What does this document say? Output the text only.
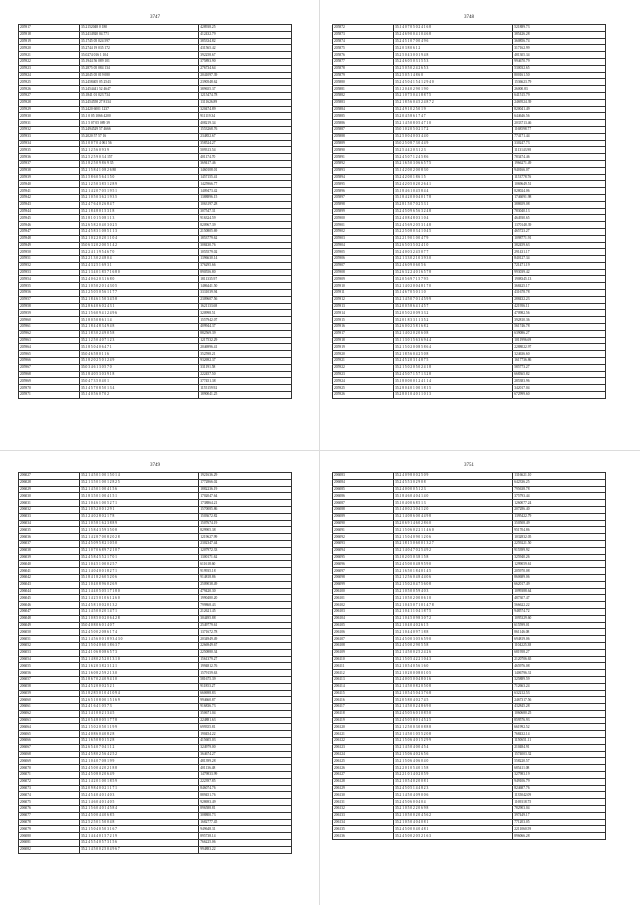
3747
205917	35.2152048 0 180	428938.25
205918	35.2414920 04.771	412432.79
205919	35.1745 05 024 597	385334.82
205920	35.2744 19 035 172	431565.42
205921	35.0274 016 1 104	392258.67
205922	35.1944 56 089 101	375893.90
205923	35.2875 05 084 134	276734.64
205924	35.2045 05 019 080	2041097.39
205925	35.2458405 05 2543	2390548.62
205926	35.2454441 52 4647	389655.37
205927	35.1841 01 023 734	1215474.78
205928	35.2454558 27 8134	1311626.89
205929	35.2420 6001 1237	320474.89
205930	35.1 0 05 1066 4200	911119.34
205931	35.1 5 07 05 089 39	408219.34
205932	35.2494529 57 4666	1553268.76
205933	35.2020 57 57 16	234852.67
205934	35.1 0 0 7 0 4 061 56	358524.27
205935	35.2 1 2 5 6 0 9 3 9	509313.54
205936	35.2 5 2 5 9 0 3 4 157	401174.70
205937	35.1 8 2 5 0 9 8 6 9 35	369417.46
205938	35.2 1 5 8 4 1 0 8 2 6 80	1460108.01
205939	35.1 5 8 6 0 5 6 4 1 5 0	1457155.41
205940	35.2 1 2 5 0 3 8 5 1 2 8 9	1425966.77
205941	35.2 1 4 2 0 7 0 5 1 9 5 1	1409473.42
205942	35.2 1 0 5 0 3 6 2 1 9 3 5	1388896.15
205943	35.2 4 7 6 4 0 2 6 8 4 7	1063197.28
205944	35.2 1 8 4 8 0 1 5 3 1 8	307547.31
205945	35.1 8 1 0 1 5 0 8 1 1 3	916324.59
205946	35.2 6 5 8 2 0 4 0 3 0 2 5	820967.39
205947	35.2 4 5 8 3 1 0 8 5 1 1 3	2150805.69
205948	35.2 1 0 2 2 0 2 0 1 1 0 4	1853779.62
205949	35.0 6 3 2 0 2 0 0 5 1 4 2	308430.76
205950	35.2 2 4 1 1 9 5 4 6 7 0	1055579.02
205951	35.2 2 1 3 0 2 4 8 0 4	1396630.14
205952	35.2 4 3 2 5 1 6 9 3 1	376295.66
205953	35.2 1 3 4 0 1 8 5 7 1 6 8 0	890556.80
205954	35.2 4 0 6 2 0 3 1 6 8 0	1811335.97
205955	35.2 1 0 5 0 2 0 1 4 3 0 5	1486441.50
205956	35.1 2 5 0 5 0 5 6 1 1 7 7	3331039.94
205957	35.2 1 8 4 6 1 5 0 3 4 5 8	2309607.56
205958	35.2 8 6 4 0 6 0 2 4 3 1	1621133.68
205959	35.2 1 5 6 0 9 4 1 2 4 9 6	320998.51
205960	35.1 8 0 5 0 8 6 1 1 4	1557942.07
205961	35.2 1 8 4 4 8 3 4 9 4 8	409944.37
205962	35.2 1 8 3 0 2 4 9 0 5 8	882569.39
205963	35.2 1 2 5 0 4 0 7 1 2 3	1217532.29
205964	35.1 8 5 0 4 0 6 4 7 1	2046996.41
205965	35.0 4 6 5 8 0 1 1 6	352598.21
205966	35.1 8 2 0 2 5 0 1 2 4 9	932692.37
205967	35.0 3 4 6 1 3 0 5 7 0	331191.58
205968	35.1 8 4 0 5 3 0 3 9 1 8	222457.50
205969	35.0 4 7 3 5 0 4 0 1	377451.38
205970	35.1 4 5 7 0 8 5 0 1 3 4	1155159.92
205971	35.1 4 0 5 6 0 7 0 2	1890041.25
3748
205872	35.1 4 0 7 0 5 0 2 4 1 6 8	521889.73
205873	35.2 4 6 9 0 0 4 1 0 4 6 8	385426.28
205874	35.2 4 5 1 0 7 0 0 4 9 6	360856.74
205875	35.2 0 3 8 0 6 1 2	317162.99
205876	35.2 5 0 4 3 0 0 1 9 4 8	481305.34
205877	35.2 4 6 0 5 0 3 1 5 5 3	994670.79
205878	35.2 5 0 5 0 2 4 2 6 5 3	530032.65
205879	35.2 5 0 5 1 4 8 6 0	800161.50
205880	35.2 4 5 0 4 1 5 4 1 2 9 4 0	1536623.79
205881	35.1 2 0 4 0 2 9 0 1 9 0	26000.83
205882	35.2 1 0 7 5 0 4 1 8 8 7 5	641515.79
205883	35.2 1 8 5 6 0 4 5 2 4 8 7 2	2469524.39
205884	35.2 4 9 1 0 2 5 0 1 9	820041.49
205885	35.2 0 4 5 8 6 1 7 4 7	644646.56
205886	35.2 1 4 5 0 8 0 5 4 7 1 0	2033713.46
205887	35.0 1 0 2 0 5 0 2 1 7 2	1168598.77
205888	35.2 5 0 0 4 0 0 3 4 4 0	774171.44
205889	35.0 2 5 0 8 7 3 0 4 4 9	330247.73
205890	35.2 5 4 4 2 0 3 1 2 3	1113143.98
205891	35.2 4 5 0 7 1 2 4 5 8 6	783474.46
205892	35.2 1 6 5 0 3 0 6 6 5 7 5	1966271.49
205893	35.1 4 2 0 0 2 0 0 8 3 0	940166.07
205894	35.2 4 2 0 0 1 8 6 1 5	1153778.76
205895	35.2 4 2 0 5 0 2 0 2 6 4 1	1069649.51
205896	35.1 8 4 6 1 0 4 5 8 4 4	828024.06
205897	35.1 8 4 2 0 0 0 4 0 1 7 8	1746091.98
205898	35.2 8 1 5 0 7 0 2 5 3 1	388659.08
205899	35.2 4 5 0 9 6 5 6 3 2 4 8	783040.13
205900	35.2 4 0 8 4 8 0 3 1 0 4	464930.65
205901	35.2 4 5 6 9 2 0 5 3 1 4 8	1370148.39
205902	35.2 2 5 0 8 0 3 4 1 0 4 5	465723.27
205903	35.2 2 1 9 0 1 0 0 4 7 9	1098771.91
205904	35.2 6 5 0 3 5 0 2 4 1 0	382459.63
205905	35.2 4 0 0 3 2 4 5 0 7 7	291431.17
205906	35.2 1 3 3 0 2 1 0 3 9 3 0	840127.34
205907	35.2 4 6 0 9 0 6 0 5 6	721471.19
205908	35.2 6 3 2 2 4 0 1 6 5 7 8	993039.42
205909	35.2 0 5 6 9 7 1 5 7 9 5	1908345.13
205910	35.2 1 4 0 2 0 0 4 8 1 7 0	368425.17
205911	35.1 4 6 7 0 5 0 1 1 0	431678.78
205912	35.2 1 4 5 0 7 0 1 4 5 9 9	288432.23
205913	35.2 0 0 5 8 6 4 1 4 5 7	421956.11
205914	35.2 0 5 0 2 0 0 9 3 3 2	470982.56
205915	35.2 0 1 8 3 3 1 1 3 5 2	392810.36
205916	35.2 6 0 0 2 5 8 1 6 8 2	561746.78
205917	35.2 1 4 0 2 0 2 0 6 0 8	639086.27
205918	35.1 1 3 0 1 5 6 3 6 9 4 4	1011996.69
205919	35.2 1 5 0 2 0 0 8 5 8 6 4	2288022.97
205920	35.2 1 8 5 6 0 4 2 5 0 8	324636.60
205921	35.2 4 5 2 0 3 1 4 8 7 5	1617736.86
205922	35.2 1 5 0 2 0 5 0 2 4 1 8	585773.27
205923	35.2 4 5 0 7 1 5 7 1 3 2 8	668365.82
205924	35.1 8 0 0 0 0 1 2 4 1 1 4	285383.96
205925	35.2 8 0 4 0 1 0 0 1 8 1 5	342017.04
205926	35.2 8 0 1 0 4 0 1 1 0 1 3	672999.60
3749
206027	35.2 1 4 5 0 1 0 0 1 5 0 1 4	1921636.29
206028	35.2 1 3 5 0 1 0 0 1 2 8 2 5	1772866.02
206029	35.2 1 4 5 0 1 0 0 4 1 5 6	1882236.19
206030	35.1 8 3 5 0 1 0 0 4 1 5 1	1702047.64
206031	35.2 1 0 4 6 1 0 0 5 2 7 1	1738864.21
206032	35.2 1 0 5 2 0 0 1 2 9 1	1570085.86
206033	35.1 2 4 0 2 8 0 2 1 7 8	1503672.82
206034	35.2 1 0 5 8 1 6 2 3 8 8 9	1507674.19
206035	35.2 1 5 8 4 3 5 9 3 5 0 8	829905.38
206036	35.2 1 4 2 8 7 0 0 8 2 0 2 8	1219627.99
206037	35.2 4 5 0 9 5 8 2 1 0 5 0	2302347.44
206038	35.2 1 0 7 0 6 8 9 7 2 1 0 7	1207972.33
206039	35.2 4 5 8 4 5 5 2 1 7 0 1	1300171.62
206040	35.2 1 0 4 5 1 0 0 0 2 5 7	611618.60
206041	35.2 1 4 0 4 0 0 1 8 2 7 1	919935.18
206042	35.1 8 4 1 8 2 6 0 5 2 0 6	914818.86
206043	35.2 1 0 4 0 8 9 6 0 2 6 9	2509038.49
206044	35.2 1 4 4 0 5 0 5 1 7 1 8 0	479420.30
206045	35.2 1 4 2 5 0 1 0 6 1 2 6 0	1990480.20
206046	35.2 4 5 8 1 0 0 2 0 1 3 2	799868.43
206047	35.2 1 4 5 0 0 2 0 1 4 7 1	212621.45
206048	35.2 1 0 8 5 0 0 2 0 6 4 2 8	304495.88
206049	35.0 4 0 8 0 6 0 1 4 0 7	2549779.61
206050	35.2 4 5 0 0 2 0 8 6 1 7 4	1371672.78
206051	35.2 1 4 5 6 0 0 1 8 9 3 4 3 0	2034949.49
206052	35.2 1 5 0 4 0 6 0 1 8 6 3 7	2266949.67
206053	35.2 4 1 0 6 8 0 8 6 5 7 3	2250880.34
206054	35.2 1 4 8 0 2 5 2 0 1 3 1 0	1561379.27
206055	35.2 1 6 2 0 3 8 2 3 1 2 1	1994812.76
206056	35.2 1 6 0 8 2 5 9 2 1 3 0	1579159.63
206057	35.1 8 6 7 0 2 4 0 9 4 1 0	581675.39
206058	35.2 4 5 2 0 0 0 2 5 2 1	911853.27
206059	35.1 8 2 8 5 0 1 0 4 1 0 9 4	660698.83
206060	35.2 6 5 1 0 8 0 0 1 5 1 6 9	994660.87
206061	35.2 4 1 6 4 1 0 5 7 3	916836.73
206062	35.2 1 4 1 0 0 2 1 3 4 5	350671.04
206063	35.2 0 5 4 8 0 0 5 1 7 7 8	224881.63
206064	35.2 1 5 0 2 0 5 0 1 1 9 9	699355.81
206065	35.2 4 0 8 6 0 4 0 8 2 8	190454.22
206066	35.2 1 6 5 0 8 0 1 5 2 8	415605.03
206067	35.2 6 5 4 0 7 0 4 1 1 2	324979.00
206068	35.2 4 5 8 0 2 5 6 4 2 5 2	364674.27
206069	35.2 1 0 4 0 7 0 8 1 9 9	481399.28
206070	35.2 4 5 0 0 4 2 0 2 1 8 8	401136.48
206071	35.2 4 5 0 8 0 2 0 6 4 9	1479833.99
206072	35.2 1 4 2 0 1 0 0 1 8 5 9	222397.85
206073	35.2 0 9 8 4 0 0 2 1 1 7 1	846074.76
206074	35.2 4 5 4 0 4 0 1 4 0 3	889451.76
206075	35.2 1 4 6 0 4 0 1 4 0 5	928693.49
206076	35.2 1 5 6 0 4 0 1 4 5 8 4	896588.81
206077	35.2 4 5 0 0 4 4 0 6 8 5	308800.73
206078	35.2 5 2 5 0 1 5 0 0 4 8	1682777.45
206079	35.2 1 5 0 4 0 5 0 3 1 6 7	949648.31
206080	35.2 1 4 4 4 0 1 5 7 2 1 9	895738.14
206081	35.2 4 5 5 4 0 5 7 3 1 5 6	766225.06
206082	35.2 1 4 5 0 0 2 5 0 4 9 6 7	994883.22
3751
206083	35.2 4 0 9 8 0 0 2 5 0 9	1316621.10
206084	35.2 4 5 5 3 0 2 9 0 8	642336.25
206085	35.2 4 0 0 0 0 5 1 2 3	795638.78
206086	35.1 8 4 6 0 4 0 4 1 4 0	375793.44
206087	35.1 0 4 0 0 6 8 5 1 3	1260077.24
206088	35.1 4 0 0 2 3 0 4 1 2 0	207286.40
206089	35.2 1 4 0 8 6 0 0 4 4 9 8	1395422.79
206090	35.2 0 6 9 1 4 6 0 2 8 6 0	350508.49
206091	35.2 1 5 0 6 0 2 2 1 1 4 6 0	951704.86
206092	35.2 1 5 0 4 0 9 0 1 2 0 6	1032832.05
206093	35.2 1 8 1 5 0 6 0 0 1 3 2 7	2259221.50
206094	35.2 1 4 0 4 7 0 2 5 4 9 2	915399.92
206095	35.1 0 2 0 5 0 3 8 1 5 8	325940.26
206096	35.2 4 5 0 0 0 4 8 9 5 9 0	1299059.61
206097	35.2 1 6 5 0 1 8 4 0 1 4 5	205970.08
206098	35.2 1 2 5 6 0 4 8 4 4 0 6	860689.06
206099	35.2 1 5 0 2 0 4 7 5 6 0 8	662017.49
206100	35.2 1 0 5 0 0 5 9 4 0 3	1099388.64
206101	35.2 1 0 5 0 2 0 0 0 6 1 0	487307.47
206102	35.2 1 0 4 5 0 7 1 0 1 4 7 8	566622.22
206103	35.2 1 0 4 1 1 0 4 1 8 7 5	948574.72
206104	35.2 1 0 4 5 0 9 8 3 0 7 2	1095329.60
206105	35.2 1 0 4 0 4 0 2 6 1 5	615599.01
206106	35.2 1 0 4 4 0 9 7 1 8 8	861146.08
206107	35.2 4 5 0 0 3 0 5 6 5 9 0	694819.06
206108	35.2 4 5 0 0 2 9 0 5 5 8	1104225.38
206109	35.2 1 4 5 0 0 2 5 2 4 2 6	681958.27
206110	35.2 1 5 0 5 4 2 2 1 0 4 3	2120706.65
206111	35.2 1 0 5 4 0 5 6 1 6 0	465976.08
206112	35.2 1 0 2 0 0 0 8 0 1 0 5	1406796.31
206113	35.2 4 0 0 5 0 0 4 8 0 1 6	325889.59
206114	35.2 1 4 5 0 0 8 2 0 5 0 8	712663.24
206115	35.2 1 0 5 4 5 0 4 3 7 6 8	632212.53
206116	35.2 0 5 8 0 4 0 2 7 4 5	2467317.56
206117	35.2 1 4 5 0 0 2 4 8 6 9 0	432845.28
206118	35.2 4 5 0 5 6 0 1 0 8 5 0	1060680.25
206119	35.2 4 5 0 5 8 0 1 4 5 2 5	859576.93
206120	35.2 1 2 5 0 0 3 0 0 8 8 8	661992.52
206121	35.2 1 4 5 0 1 0 5 5 2 0 8	768432.14
206122	35.2 1 5 0 6 4 0 1 5 2 9 9	1150651.11
206123	35.2 1 4 5 0 4 0 0 4 5 4	210484.91
206124	35.2 1 5 0 6 4 0 2 6 5 6	1574003.32
206125	35.2 1 5 0 6 4 0 6 0 4 0	558220.57
206126	35.2 2 0 1 0 5 4 0 1 5 8	685411.08
206127	35.2 2 1 0 1 4 0 2 0 5 9	327983.19
206128	35.2 1 0 5 4 0 2 0 0 8 1	949106.79
206129	35.2 4 5 0 5 1 4 4 8 2 3	824687.76
206130	35.2 1 4 5 0 4 0 9 0 0 6	1135042.09
206131	35.2 4 5 0 6 0 0 4 0 4	1169318.75
206132	35.2 1 0 5 0 2 2 0 6 9 8	782903.04
206133	35.2 1 0 5 0 0 2 0 4 5 6 2	397449.17
206134	35.2 1 0 5 0 4 0 4 0 8 1	771203.05
206135	35.2 4 5 0 0 0 4 0 4 8 1	2211060.59
206136	35.2 4 5 0 0 2 0 5 2 1 6 3	896066.28
